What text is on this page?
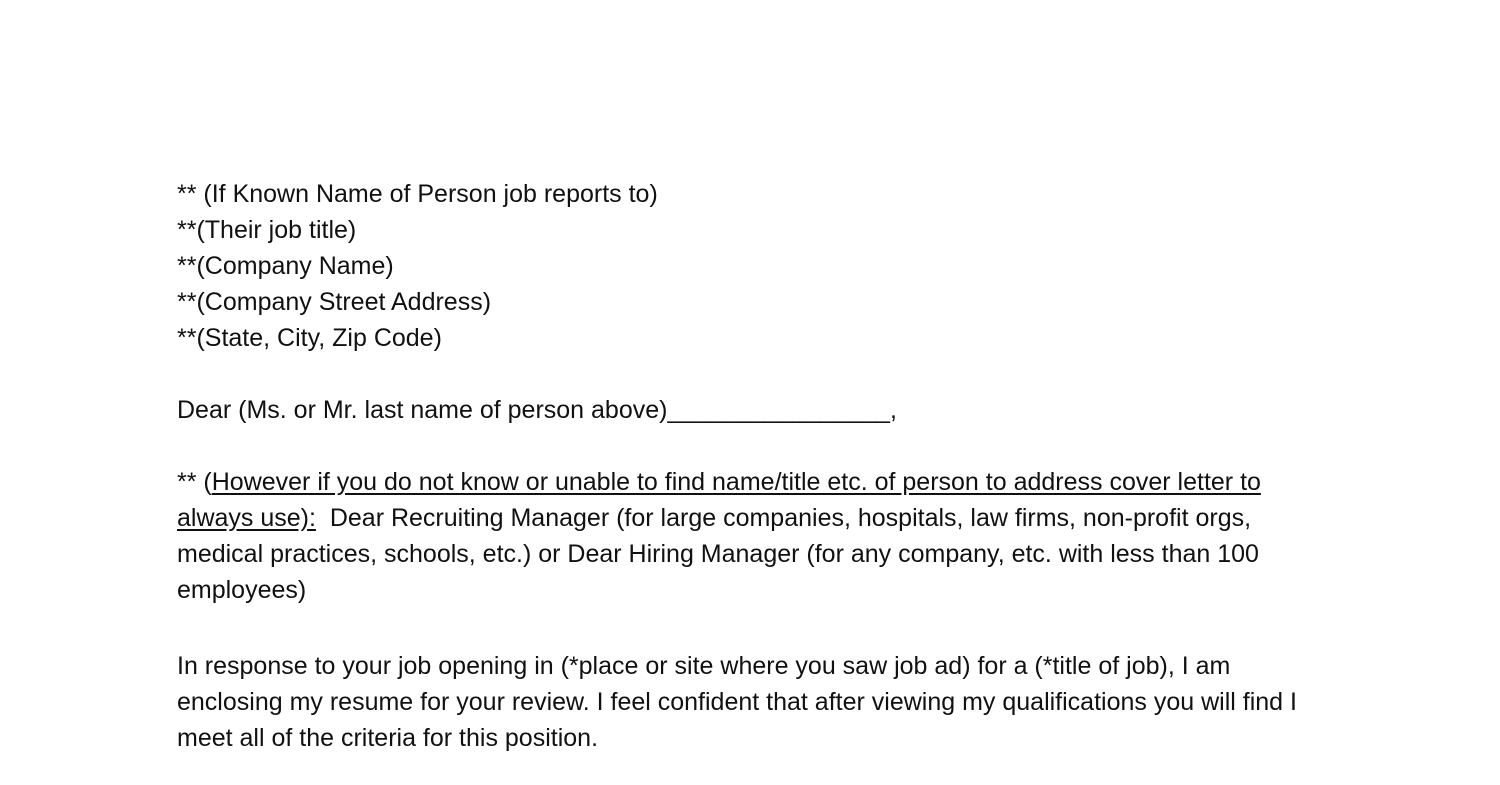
** (If Known Name of Person job reports to)

**(Their job title)

**(Company Name)

**(Company Street Address)

**(State, City, Zip Code)

Dear (Ms. or Mr. last name of person above)________________,

** (However if you do not know or unable to find name/title etc. of person to address cover letter to always use):  Dear Recruiting Manager (for large companies, hospitals, law firms, non-profit orgs, medical practices, schools, etc.) or Dear Hiring Manager (for any company, etc. with less than 100 employees)

In response to your job opening in (*place or site where you saw job ad) for a (*title of job), I am enclosing my resume for your review. I feel confident that after viewing my qualifications you will find I meet all of the criteria for this position.
